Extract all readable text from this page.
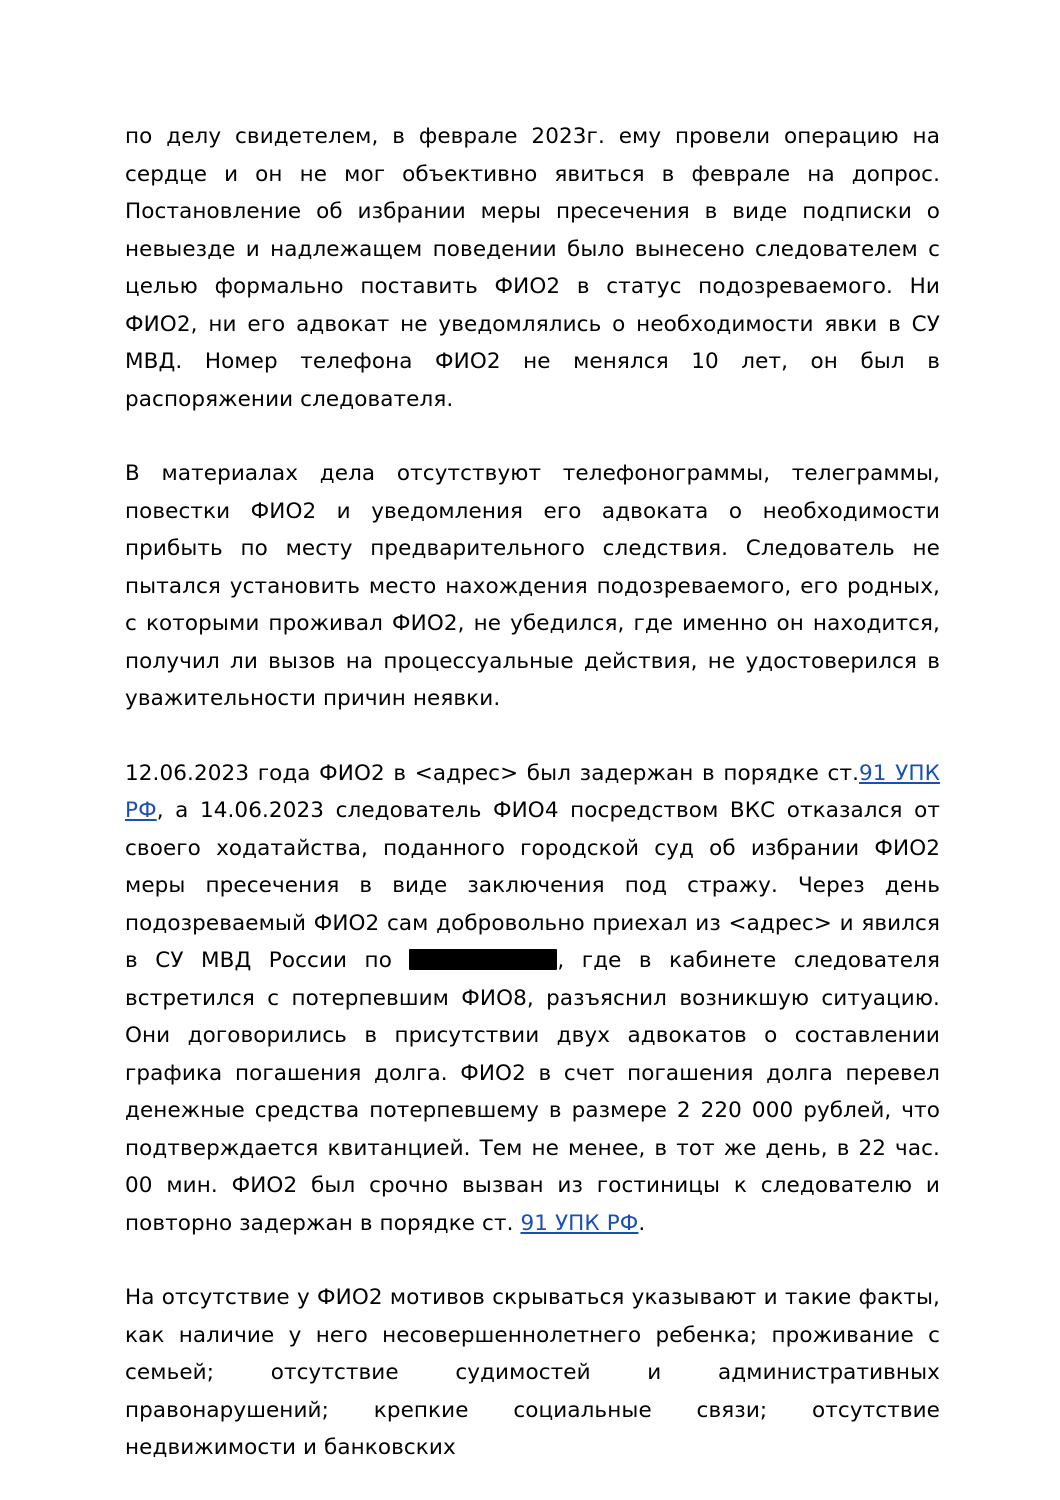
по делу свидетелем, в феврале 2023г. ему провели операцию на сердце и он не мог объективно явиться в феврале на допрос. Постановление об избрании меры пресечения в виде подписки о невыезде и надлежащем поведении было вынесено следователем с целью формально поставить ФИО2 в статус подозреваемого. Ни ФИО2, ни его адвокат не уведомлялись о необходимости явки в СУ МВД. Номер телефона ФИО2 не менялся 10 лет, он был в распоряжении следователя.

В материалах дела отсутствуют телефонограммы, телеграммы, повестки ФИО2 и уведомления его адвоката о необходимости прибыть по месту предварительного следствия. Следователь не пытался установить место нахождения подозреваемого, его родных, с которыми проживал ФИО2, не убедился, где именно он находится, получил ли вызов на процессуальные действия, не удостоверился в уважительности причин неявки.

12.06.2023 года ФИО2 в <адрес> был задержан в порядке ст.91 УПК РФ, а 14.06.2023 следователь ФИО4 посредством ВКС отказался от своего ходатайства, поданного городской суд об избрании ФИО2 меры пресечения в виде заключения под стражу. Через день подозреваемый ФИО2 сам добровольно приехал из <адрес> и явился в СУ МВД России по	, где в кабинете следователя встретился с потерпевшим ФИО8, разъяснил возникшую ситуацию. Они договорились в присутствии двух адвокатов о составлении графика погашения долга. ФИО2 в счет погашения долга перевел денежные средства потерпевшему в размере 2 220 000 рублей, что подтверждается квитанцией. Тем не менее, в тот же день, в 22 час. 00 мин. ФИО2 был срочно вызван из гостиницы к следователю и повторно задержан в порядке ст. 91 УПК РФ.

На отсутствие у ФИО2 мотивов скрываться указывают и такие факты, как наличие у него несовершеннолетнего ребенка; проживание с семьей; отсутствие судимостей и административных правонарушений; крепкие социальные связи; отсутствие недвижимости и банковских
